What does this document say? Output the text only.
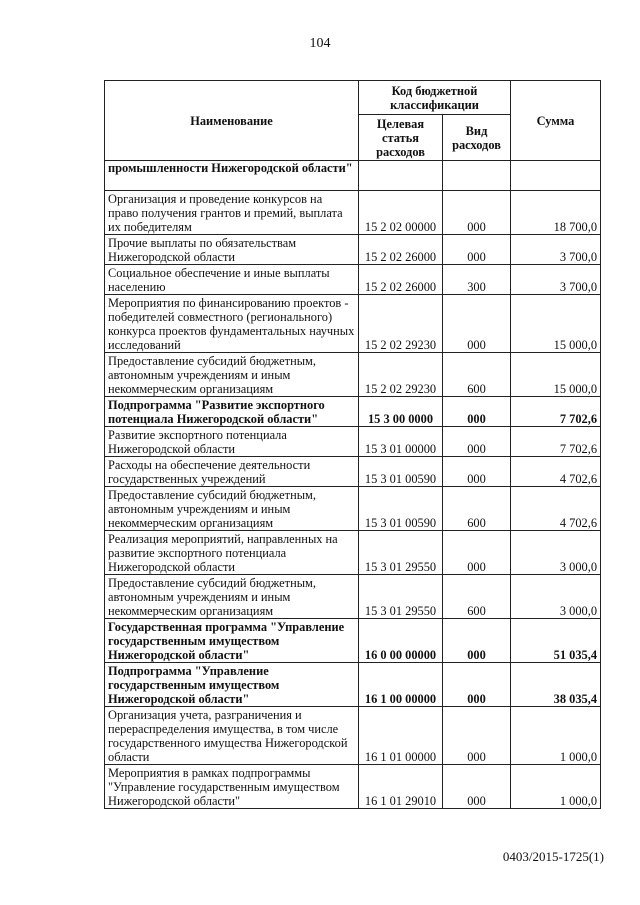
104
Наименование	Код бюджетной классификации		Сумма
	Целевая статья расходов	Вид расходов	
промышленности Нижегородской области"			
Организация и проведение конкурсов на право получения грантов и премий, выплата их победителям	15 2 02 00000	000	18 700,0
Прочие выплаты по обязательствам Нижегородской области	15 2 02 26000	000	3 700,0
Социальное обеспечение и иные выплаты населению	15 2 02 26000	300	3 700,0
Мероприятия по финансированию проектов - победителей совместного (регионального) конкурса проектов фундаментальных научных исследований	15 2 02 29230	000	15 000,0
Предоставление субсидий бюджетным, автономным учреждениям и иным некоммерческим организациям	15 2 02 29230	600	15 000,0
Подпрограмма "Развитие экспортного потенциала Нижегородской области"	15 3 00 0000	000	7 702,6
Развитие экспортного потенциала Нижегородской области	15 3 01 00000	000	7 702,6
Расходы на обеспечение деятельности государственных учреждений	15 3 01 00590	000	4 702,6
Предоставление субсидий бюджетным, автономным учреждениям и иным некоммерческим организациям	15 3 01 00590	600	4 702,6
Реализация мероприятий, направленных на развитие экспортного потенциала Нижегородской области	15 3 01 29550	000	3 000,0
Предоставление субсидий бюджетным, автономным учреждениям и иным некоммерческим организациям	15 3 01 29550	600	3 000,0
Государственная программа "Управление государственным имуществом Нижегородской области"	16 0 00 00000	000	51 035,4
Подпрограмма "Управление государственным имуществом Нижегородской области"	16 1 00 00000	000	38 035,4
Организация учета, разграничения и перераспределения имущества, в том числе государственного имущества Нижегородской области	16 1 01 00000	000	1 000,0
Мероприятия в рамках подпрограммы "Управление государственным имуществом Нижегородской области"	16 1 01 29010	000	1 000,0
0403/2015-1725(1)
